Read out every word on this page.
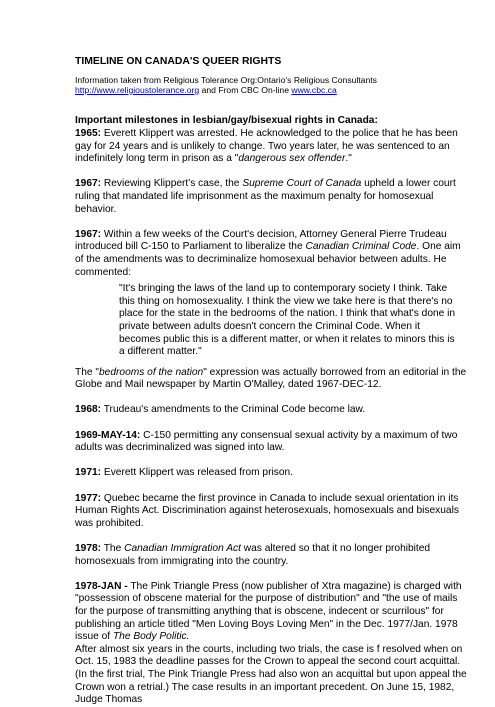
TIMELINE ON CANADA'S QUEER RIGHTS
Information taken from Religious Tolerance Org:Ontario's Religious Consultants
http://www.religioustolerance.org and From CBC On-line www.cbc.ca
Important milestones in lesbian/gay/bisexual rights in Canada:

1965: Everett Klippert was arrested. He acknowledged to the police that he has been gay for 24 years and is unlikely to change. Two years later, he was sentenced to an indefinitely long term in prison as a "dangerous sex offender."

1967: Reviewing Klippert's case, the Supreme Court of Canada upheld a lower court ruling that mandated life imprisonment as the maximum penalty for homosexual behavior.

1967: Within a few weeks of the Court's decision, Attorney General Pierre Trudeau introduced bill C-150 to Parliament to liberalize the Canadian Criminal Code. One aim of the amendments was to decriminalize homosexual behavior between adults. He commented:

"It's bringing the laws of the land up to contemporary society I think. Take this thing on homosexuality. I think the view we take here is that there's no place for the state in the bedrooms of the nation. I think that what's done in private between adults doesn't concern the Criminal Code. When it becomes public this is a different matter, or when it relates to minors this is a different matter."

The "bedrooms of the nation" expression was actually borrowed from an editorial in the Globe and Mail newspaper by Martin O'Malley, dated 1967-DEC-12.

1968: Trudeau's amendments to the Criminal Code become law.

1969-MAY-14: C-150 permitting any consensual sexual activity by a maximum of two adults was decriminalized was signed into law.

1971: Everett Klippert was released from prison.

1977: Quebec became the first province in Canada to include sexual orientation in its Human Rights Act. Discrimination against heterosexuals, homosexuals and bisexuals was prohibited.

1978: The Canadian Immigration Act was altered so that it no longer prohibited homosexuals from immigrating into the country.

1978-JAN - The Pink Triangle Press (now publisher of Xtra magazine) is charged with "possession of obscene material for the purpose of distribution" and "the use of mails for the purpose of transmitting anything that is obscene, indecent or scurrilous" for publishing an article titled "Men Loving Boys Loving Men" in the Dec. 1977/Jan. 1978 issue of The Body Politic.

After almost six years in the courts, including two trials, the case is f resolved when on Oct. 15, 1983 the deadline passes for the Crown to appeal the second court acquittal. (In the first trial, The Pink Triangle Press had also won an acquittal but upon appeal the Crown won a retrial.) The case results in an important precedent. On June 15, 1982, Judge Thomas
